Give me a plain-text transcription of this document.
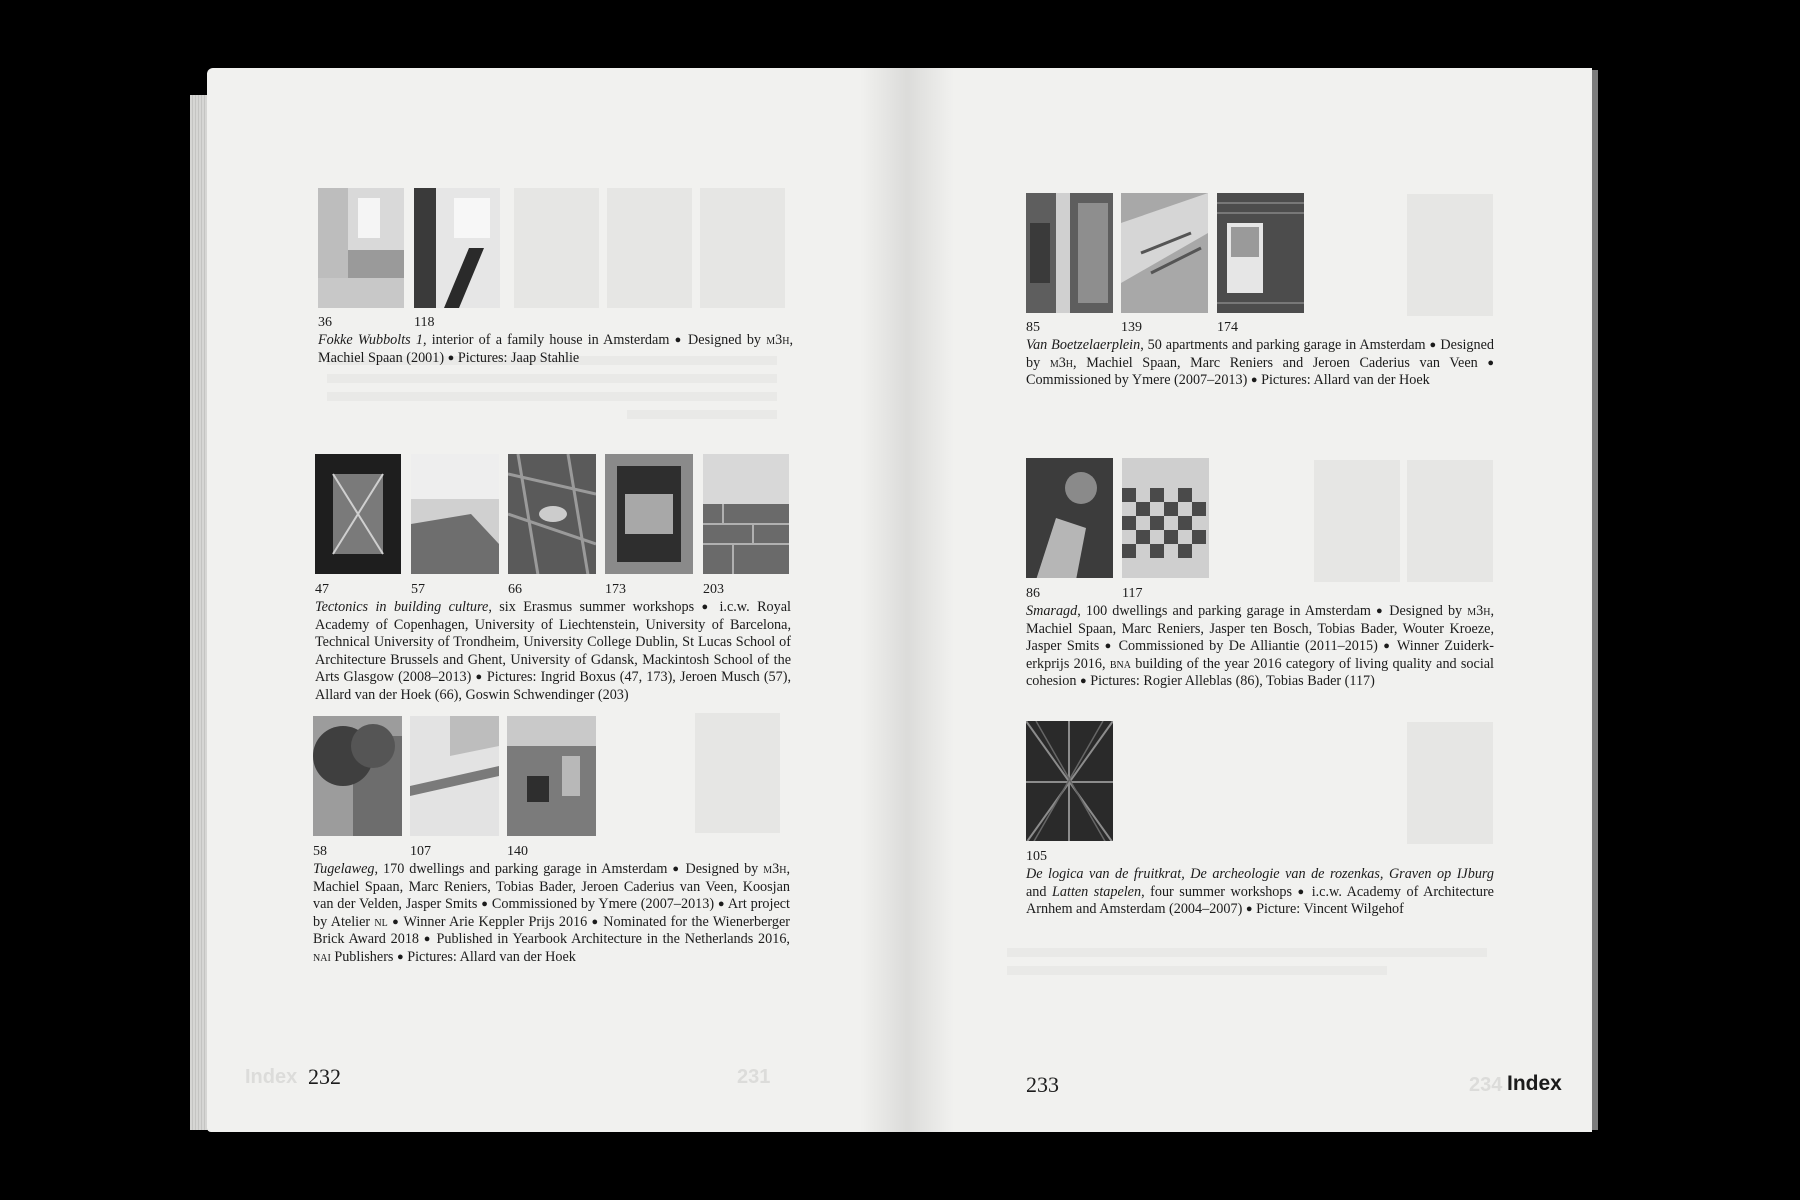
36	118

Fokke Wubbolts 1, interior of a family house in Amsterdam ● Designed by m3h, Machiel Spaan (2001) ● Pictures: Jaap Stahlie

47	57	66	173	203

Tectonics in building culture, six Erasmus summer workshops ● i.c.w. Royal Academy of Copenhagen, University of Liechtenstein, University of Barcelona, Technical University of Trondheim, University College Dublin, St Lucas School of Architecture Brussels and Ghent, University of Gdansk, Mackintosh School of the Arts Glasgow (2008–2013) ● Pictures: Ingrid Boxus (47, 173), Jeroen Musch (57), Allard van der Hoek (66), Goswin Schwendinger (203)

58	107	140

Tugelaweg, 170 dwellings and parking garage in Amsterdam ● Designed by m3h, Machiel Spaan, Marc Reniers, Tobias Bader, Jeroen Caderius van Veen, Koosjan van der Velden, Jasper Smits ● Commissioned by Ymere (2007–2013) ● Art project by Atelier nl ● Winner Arie Keppler Prijs 2016 ● Nominated for the Wienerberger Brick Award 2018 ● Published in Yearbook Architecture in the Netherlands 2016, nai Publishers ● Pictures: Allard van der Hoek

Index 232	231
85	139	174

Van Boetzelaerplein, 50 apartments and parking garage in Amsterdam ● Designed by m3h, Machiel Spaan, Marc Reniers and Jeroen Caderius van Veen ● Commissioned by Ymere (2007–2013) ● Pictures: Allard van der Hoek

86	117

Smaragd, 100 dwellings and parking garage in Amsterdam ● Designed by m3h, Machiel Spaan, Marc Reniers, Jasper ten Bosch, Tobias Bader, Wouter Kroeze, Jasper Smits ● Commissioned by De Alliantie (2011–2015) ● Winner Zuiderk-erkprijs 2016, bna building of the year 2016 category of living quality and social cohesion ● Pictures: Rogier Alleblas (86), Tobias Bader (117)

105

De logica van de fruitkrat, De archeologie van de rozenkas, Graven op IJburg and Latten stapelen, four summer workshops ● i.c.w. Academy of Architecture Arnhem and Amsterdam (2004–2007) ● Picture: Vincent Wilgehof

233	234 Index
